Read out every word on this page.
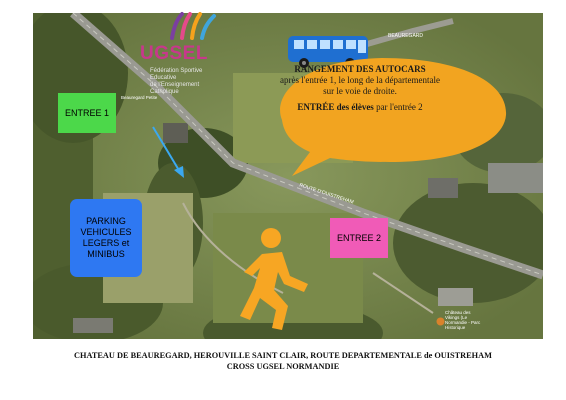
BEAUREGARD
ROUTE D'OUISTREHAM
Beauregard Petite
Château des
Vikings (Le
Normandie - Parc
Historique
UGSEL
Fédération Sportive Educative
de l'Enseignement Catholique
RANGEMENT DES AUTOCARS
après l'entrée 1, le long de la départementale
sur le voie de droite.
ENTRÉE des élèves par l'entrée 2
ENTREE 1
ENTREE 2
PARKING
VEHICULES
LEGERS et
MINIBUS
CHATEAU DE BEAUREGARD, HEROUVILLE SAINT CLAIR, ROUTE DEPARTEMENTALE de OUISTREHAM
CROSS UGSEL NORMANDIE
